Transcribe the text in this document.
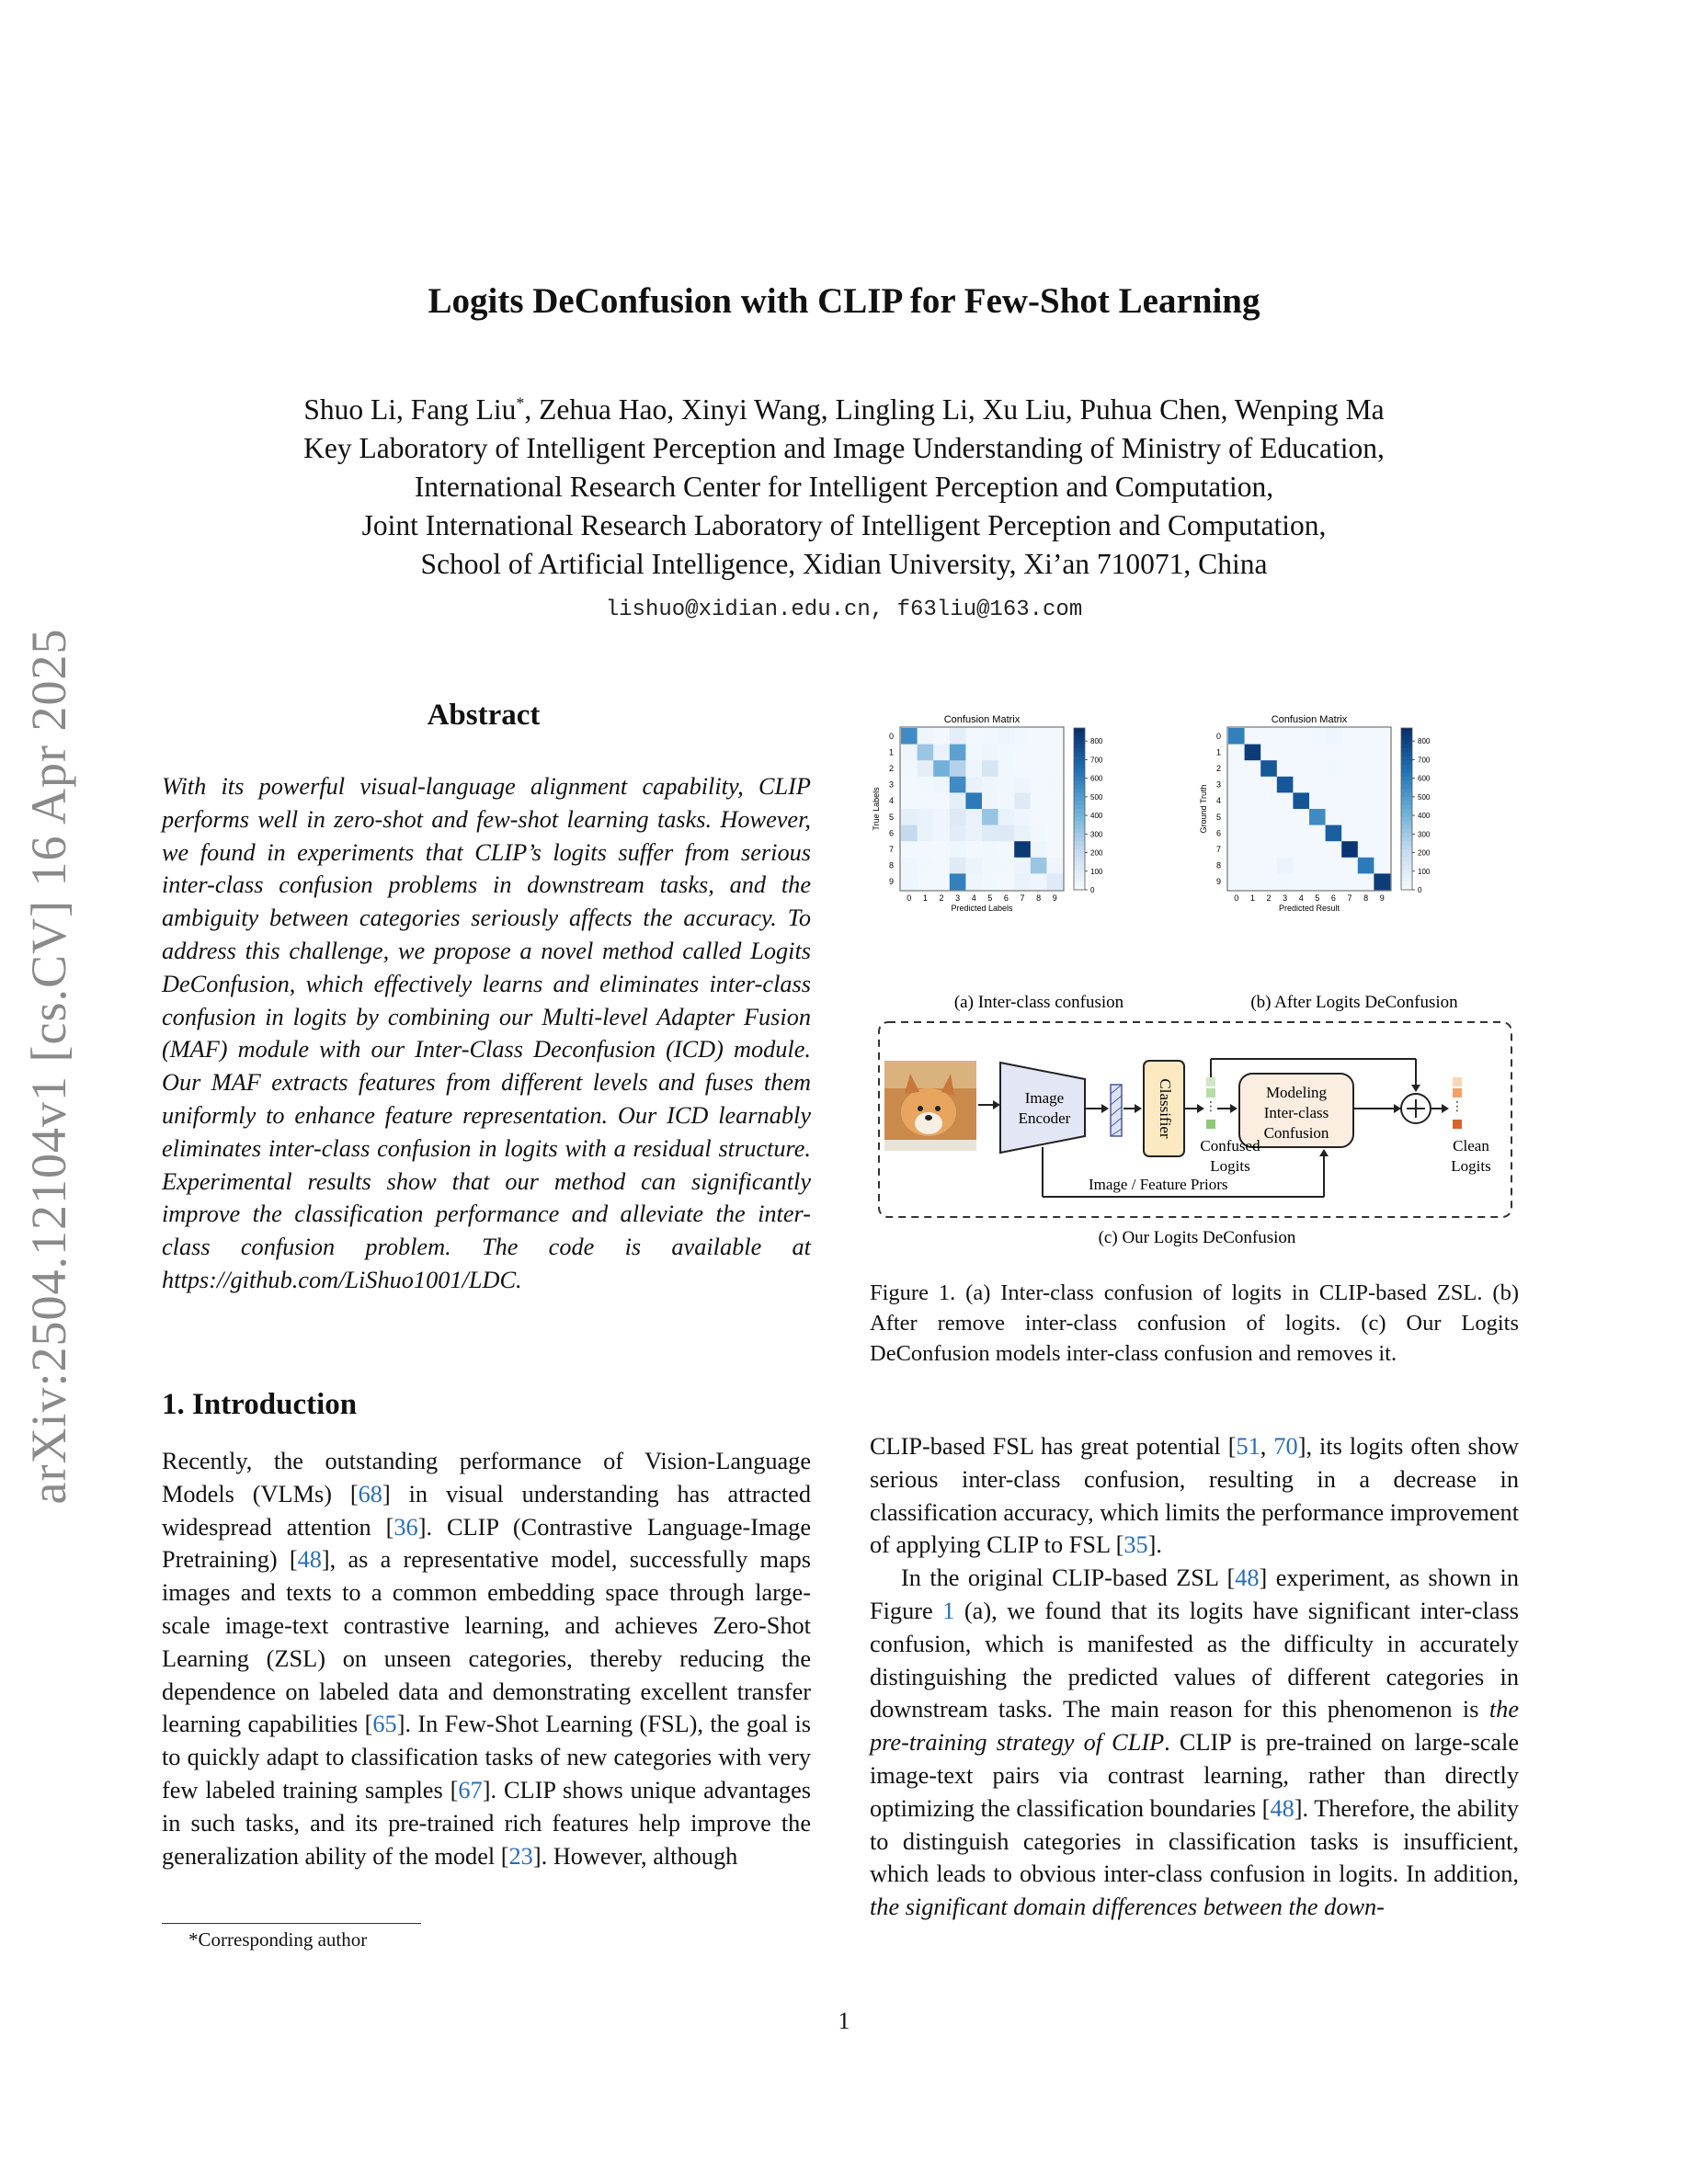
arXiv:2504.12104v1 [cs.CV] 16 Apr 2025
Logits DeConfusion with CLIP for Few-Shot Learning
Shuo Li, Fang Liu*, Zehua Hao, Xinyi Wang, Lingling Li, Xu Liu, Puhua Chen, Wenping Ma
Key Laboratory of Intelligent Perception and Image Understanding of Ministry of Education,
International Research Center for Intelligent Perception and Computation,
Joint International Research Laboratory of Intelligent Perception and Computation,
School of Artificial Intelligence, Xidian University, Xi’an 710071, China
lishuo@xidian.edu.cn, f63liu@163.com
Abstract
With its powerful visual-language alignment capability, CLIP performs well in zero-shot and few-shot learning tasks. However, we found in experiments that CLIP’s logits suffer from serious inter-class confusion problems in downstream tasks, and the ambiguity between categories seriously affects the accuracy. To address this challenge, we propose a novel method called Logits DeConfusion, which effectively learns and eliminates inter-class confusion in logits by combining our Multi-level Adapter Fusion (MAF) module with our Inter-Class Deconfusion (ICD) module. Our MAF extracts features from different levels and fuses them uniformly to enhance feature representation. Our ICD learnably eliminates inter-class confusion in logits with a residual structure. Experimental results show that our method can significantly improve the classification performance and alleviate the inter-class confusion problem. The code is available at https://github.com/LiShuo1001/LDC.
1. Introduction
Recently, the outstanding performance of Vision-Language Models (VLMs) [68] in visual understanding has attracted widespread attention [36]. CLIP (Contrastive Language-Image Pretraining) [48], as a representative model, successfully maps images and texts to a common embedding space through large-scale image-text contrastive learning, and achieves Zero-Shot Learning (ZSL) on unseen categories, thereby reducing the dependence on labeled data and demonstrating excellent transfer learning capabilities [65]. In Few-Shot Learning (FSL), the goal is to quickly adapt to classification tasks of new categories with very few labeled training samples [67]. CLIP shows unique advantages in such tasks, and its pre-trained rich features help improve the generalization ability of the model [23]. However, although
*Corresponding author

CLIP-based FSL has great potential [51, 70], its logits often show serious inter-class confusion, resulting in a decrease in classification accuracy, which limits the performance improvement of applying CLIP to FSL [35].

In the original CLIP-based ZSL [48] experiment, as shown in Figure 1 (a), we found that its logits have significant inter-class confusion, which is manifested as the difficulty in accurately distinguishing the predicted values of different categories in downstream tasks. The main reason for this phenomenon is the pre-training strategy of CLIP. CLIP is pre-trained on large-scale image-text pairs via contrast learning, rather than directly optimizing the classification boundaries [48]. Therefore, the ability to distinguish categories in classification tasks is insufficient, which leads to obvious inter-class confusion in logits. In addition, the significant domain differences between the down-

Confusion Matrix
0 1 2 3 4 5 6 7 8 9
0
1
2
3
4
5
6
7
8
9
Predicted Labels
True Labels
0
100
200
300
400
500
600
700
800
Confusion Matrix
0 1 2 3 4 5 6 7 8 9
0
1
2
3
4
5
6
7
8
9
Predicted Result
Ground Truth
0
100
200
300
400
500
600
700
800
(a) Inter-class confusion	(b) After Logits DeConfusion
Image
Encoder	Classifier ⋮
Modeling
Inter-class
Confusion
⋮
Confused
Logits
Clean
Logits
Image / Feature Priors
(c) Our Logits DeConfusion
Figure 1. (a) Inter-class confusion of logits in CLIP-based ZSL. (b) After remove inter-class confusion of logits. (c) Our Logits DeConfusion models inter-class confusion and removes it.
1
